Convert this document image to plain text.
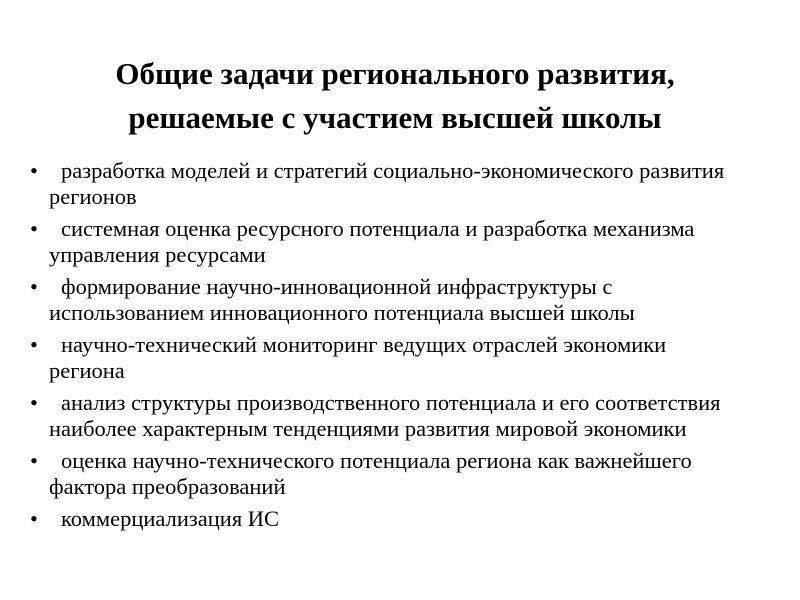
Общие задачи регионального развития,
решаемые с участием высшей школы
•	разработка моделей и стратегий социально-экономического развития регионов
•	системная оценка ресурсного потенциала и разработка механизма управления ресурсами
•	формирование научно-инновационной инфраструктуры с использованием инновационного потенциала высшей школы
•	научно-технический мониторинг ведущих отраслей экономики региона
•	анализ структуры производственного потенциала и его соответствия наиболее характерным тенденциями развития мировой экономики
•	оценка научно-технического потенциала региона как важнейшего фактора преобразований
•	коммерциализация ИС
